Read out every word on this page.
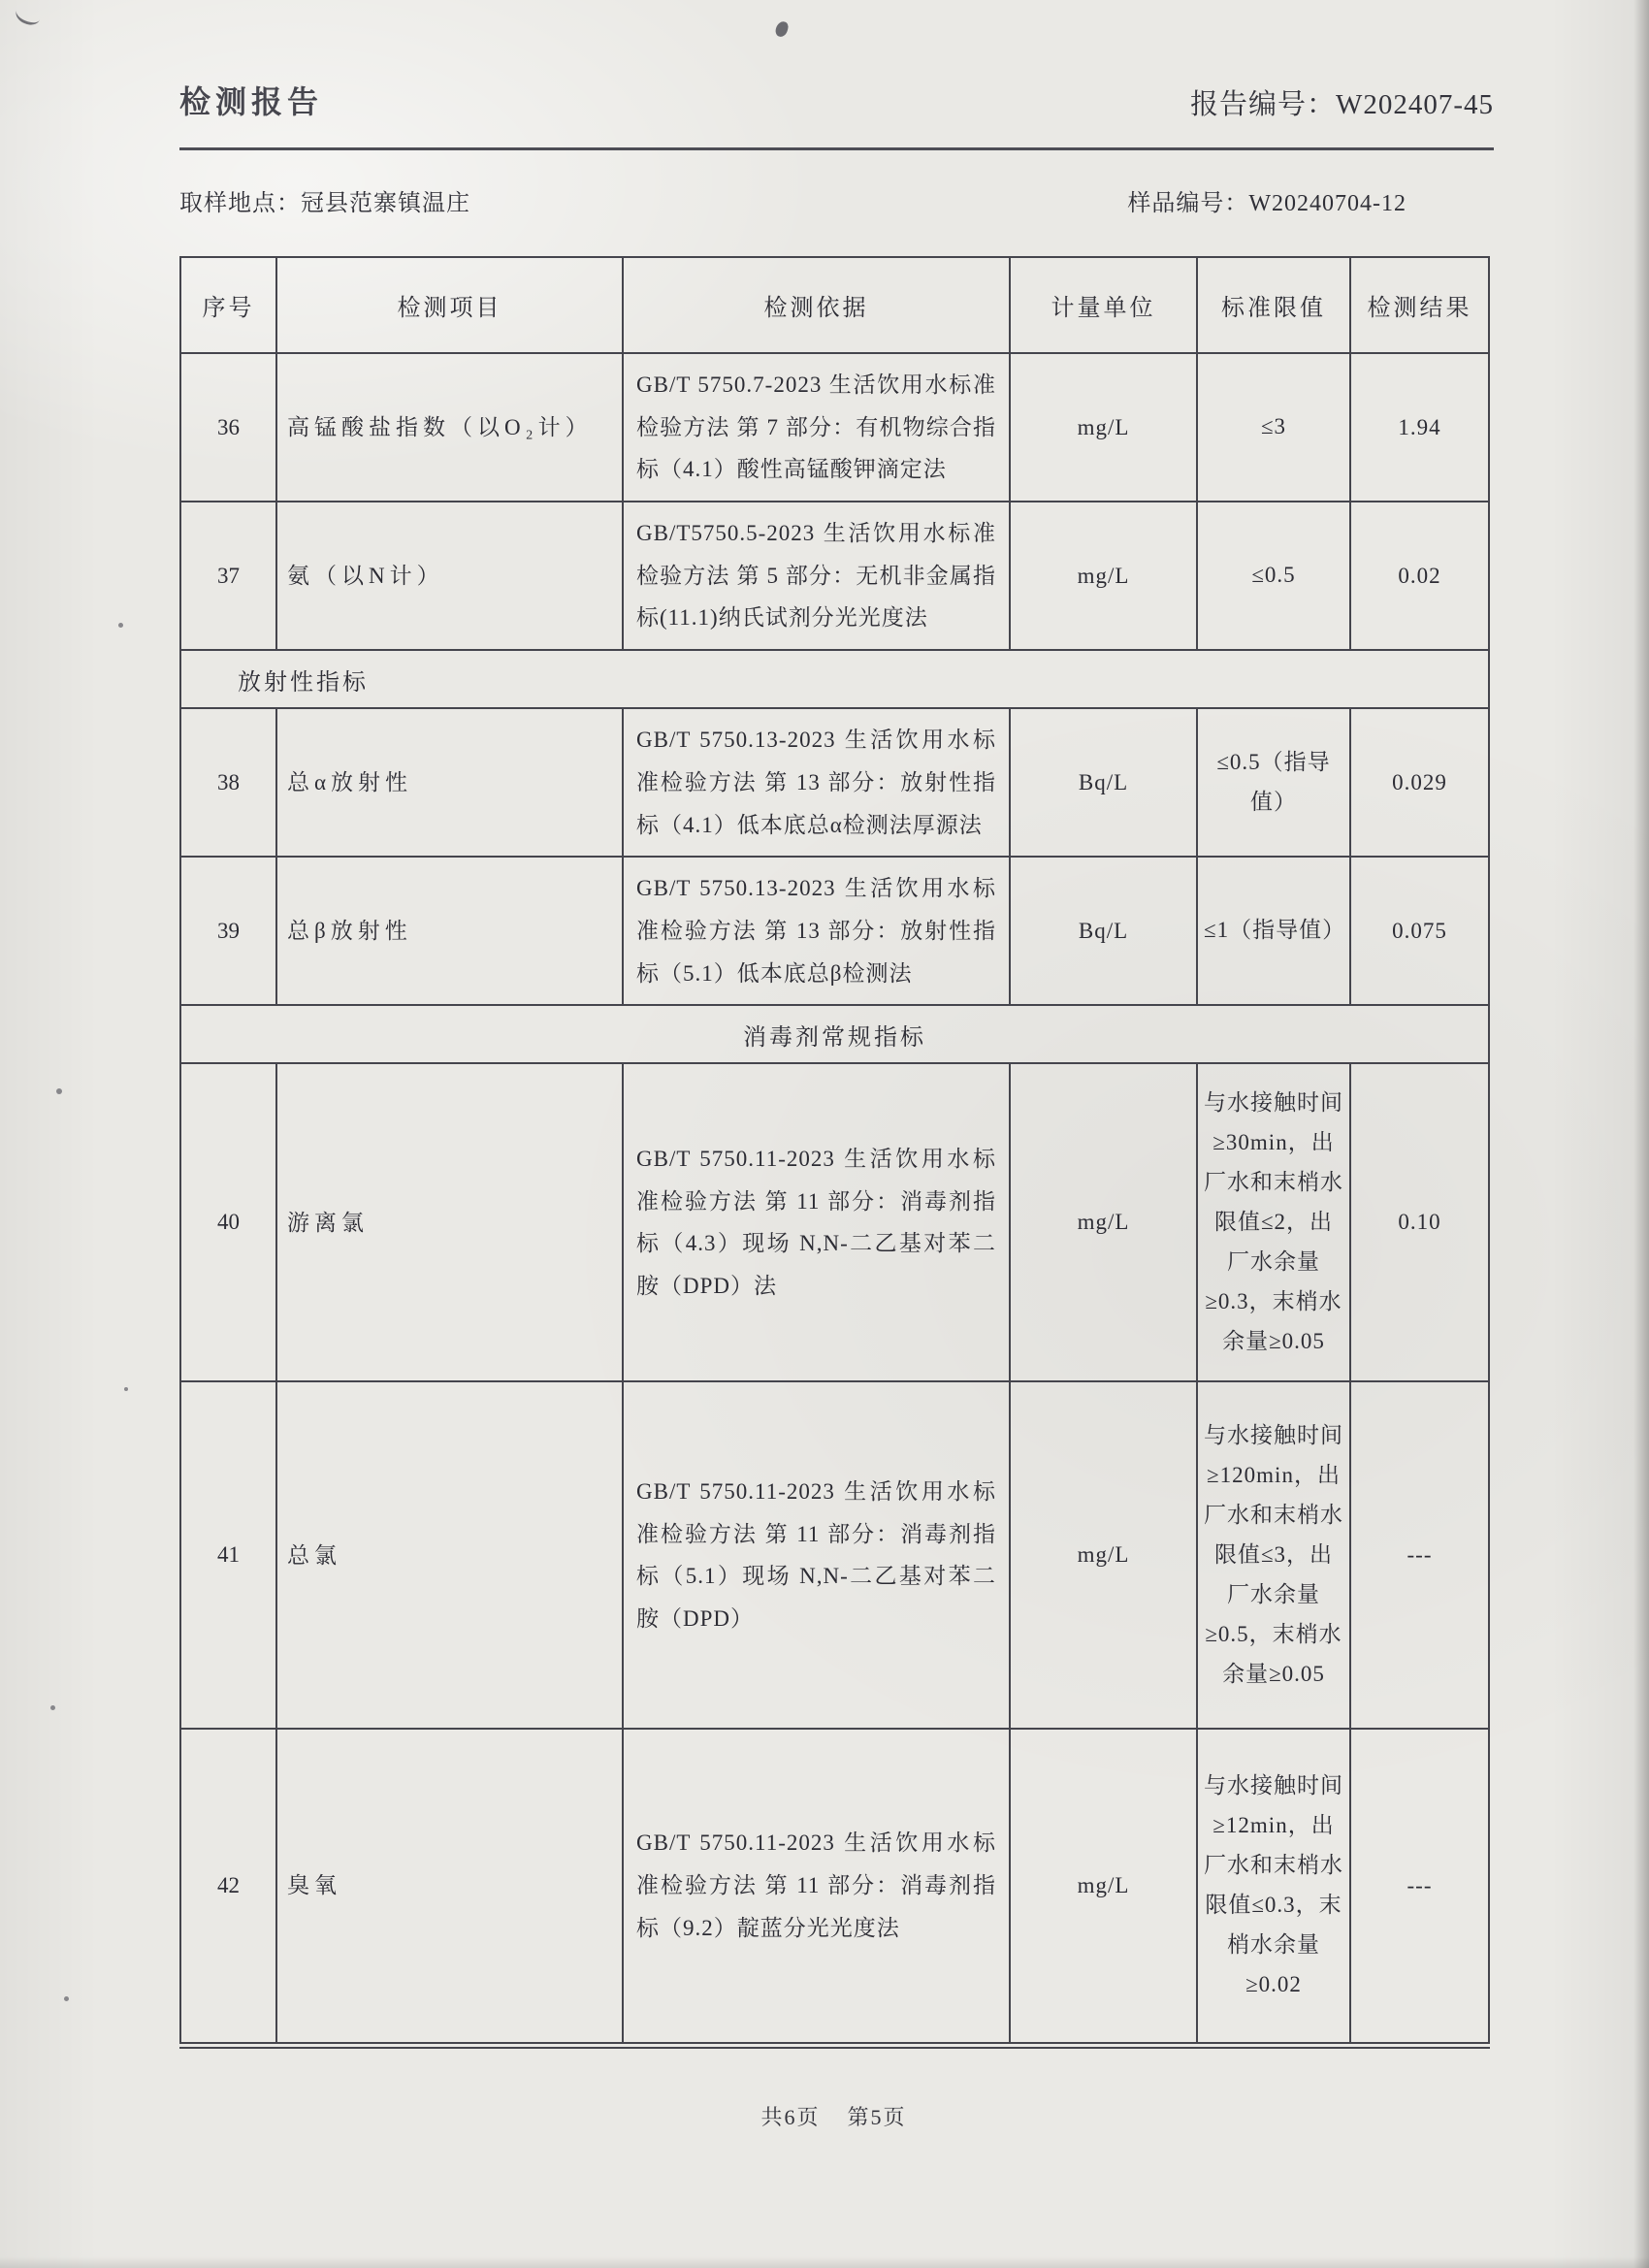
检测报告	报告编号：W202407-45
取样地点：冠县范寨镇温庄	样品编号：W20240704-12
序号	检测项目	检测依据	计量单位	标准限值	检测结果
36	高锰酸盐指数（以O₂计）	GB/T 5750.7-2023 生活饮用水标准检验方法 第 7 部分：有机物综合指标（4.1）酸性高锰酸钾滴定法	mg/L	≤3	1.94
37	氨（以N计）	GB/T5750.5-2023 生活饮用水标准检验方法 第 5 部分：无机非金属指标(11.1)纳氏试剂分光光度法	mg/L	≤0.5	0.02
放射性指标					
38	总α放射性	GB/T 5750.13-2023 生活饮用水标准检验方法 第 13 部分：放射性指标（4.1）低本底总α检测法厚源法	Bq/L	≤0.5（指导值）	0.029
39	总β放射性	GB/T 5750.13-2023 生活饮用水标准检验方法 第 13 部分：放射性指标（5.1）低本底总β检测法	Bq/L	≤1（指导值）	0.075
消毒剂常规指标					
40	游离氯	GB/T 5750.11-2023 生活饮用水标准检验方法 第 11 部分：消毒剂指标（4.3）现场 N,N-二乙基对苯二胺（DPD）法	mg/L	与水接触时间≥30min，出厂水和末梢水限值≤2，出厂水余量≥0.3，末梢水余量≥0.05	0.10
41	总氯	GB/T 5750.11-2023 生活饮用水标准检验方法 第 11 部分：消毒剂指标（5.1）现场 N,N-二乙基对苯二胺（DPD）	mg/L	与水接触时间≥120min，出厂水和末梢水限值≤3，出厂水余量≥0.5，末梢水余量≥0.05	---
42	臭氧	GB/T 5750.11-2023 生活饮用水标准检验方法 第 11 部分：消毒剂指标（9.2）靛蓝分光光度法	mg/L	与水接触时间≥12min，出厂水和末梢水限值≤0.3，末梢水余量≥0.02	---
共6页 第5页
